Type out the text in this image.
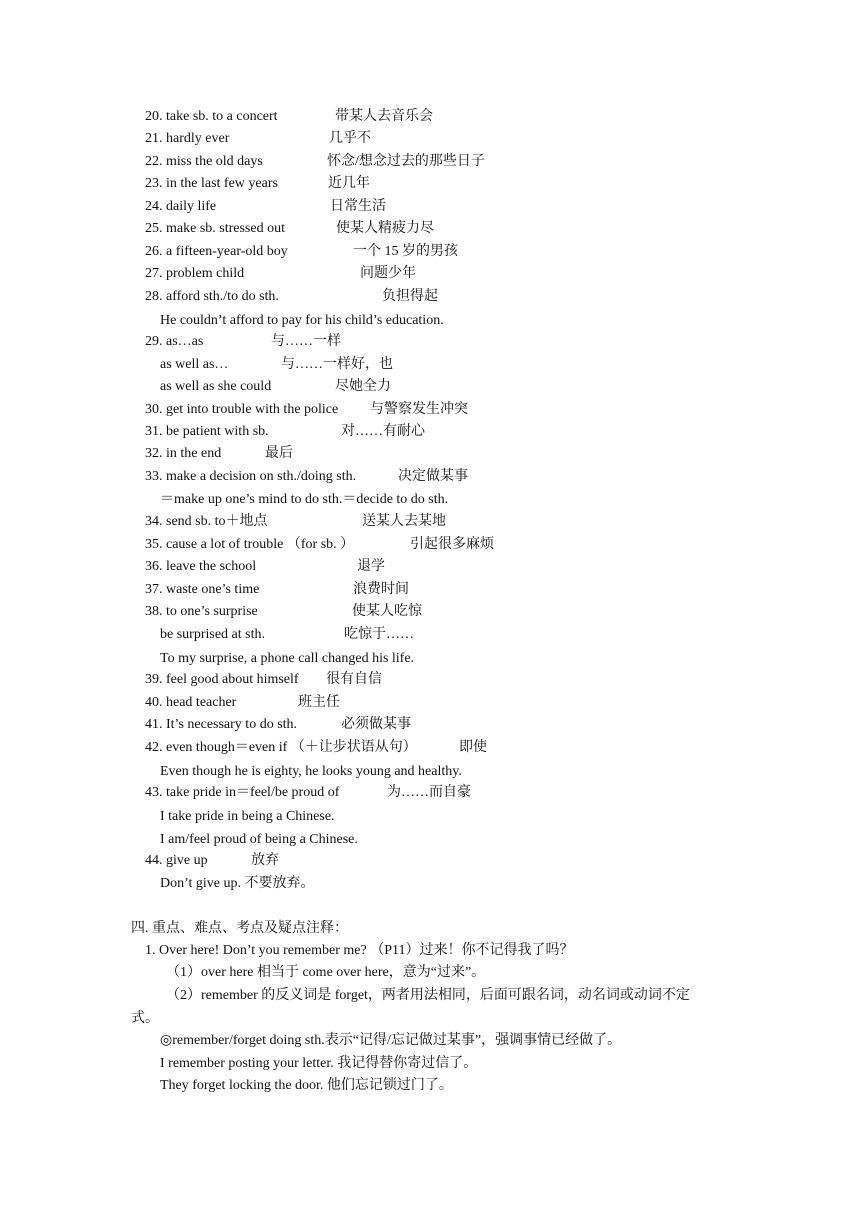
20. take sb. to a concert	带某人去音乐会
21. hardly ever	几乎不
22. miss the old days	怀念/想念过去的那些日子
23. in the last few years	近几年
24. daily life	日常生活
25. make sb. stressed out	使某人精疲力尽
26. a fifteen-year-old boy	一个 15 岁的男孩
27. problem child	问题少年
28. afford sth./to do sth.	负担得起
He couldn’t afford to pay for his child’s education.
29. as…as	与……一样
as well as…	与……一样好，也
as well as she could	尽她全力
30. get into trouble with the police 与警察发生冲突
31. be patient with sb.	对……有耐心
32. in the end	最后
33. make a decision on sth./doing sth.	决定做某事
＝make up one’s mind to do sth.＝decide to do sth.
34. send sb. to＋地点	送某人去某地
35. cause a lot of trouble （for sb. ）	引起很多麻烦
36. leave the school	退学
37. waste one’s time	浪费时间
38. to one’s surprise	使某人吃惊
be surprised at sth.	吃惊于……
To my surprise, a phone call changed his life.
39. feel good about himself 很有自信
40. head teacher	班主任
41. It’s necessary to do sth.	必须做某事
42. even though＝even if （＋让步状语从句）	即使
Even though he is eighty, he looks young and healthy.
43. take pride in＝feel/be proud of	为……而自豪
I take pride in being a Chinese.
I am/feel proud of being a Chinese.
44. give up	放弃
Don’t give up. 不要放弃。
四. 重点、难点、考点及疑点注释：
1. Over here! Don’t you remember me? （P11）过来！你不记得我了吗？
（1）over here 相当于 come over here，意为“过来”。
（2）remember 的反义词是 forget，两者用法相同，后面可跟名词，动名词或动词不定
式。
◎remember/forget doing sth.表示“记得/忘记做过某事”，强调事情已经做了。
I remember posting your letter. 我记得替你寄过信了。
They forget locking the door. 他们忘记锁过门了。
